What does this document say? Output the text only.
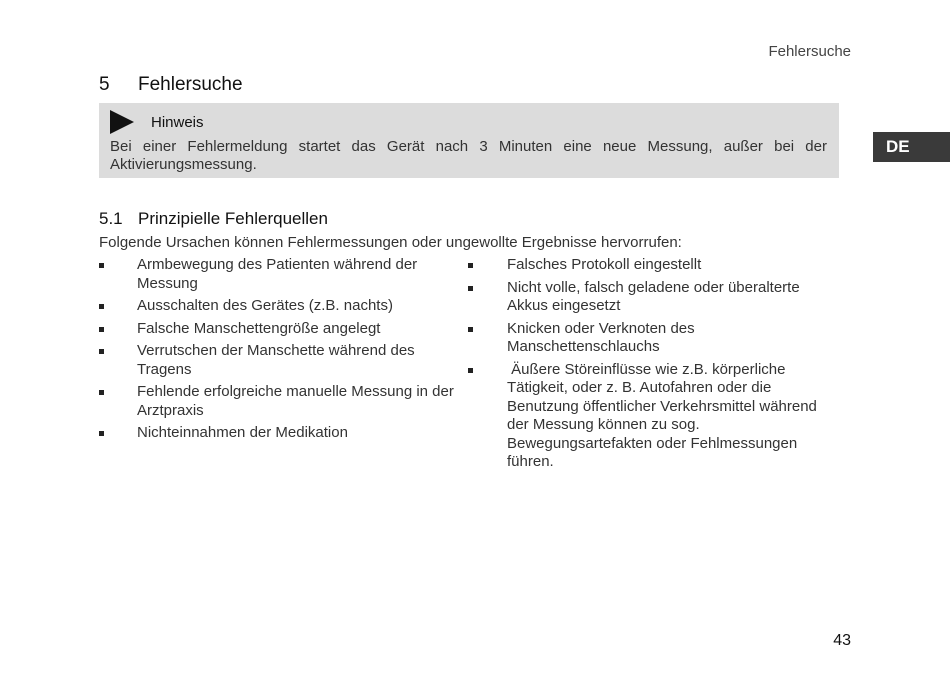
Fehlersuche
5 Fehlersuche
Hinweis
Bei einer Fehlermeldung startet das Gerät nach 3 Minuten eine neue Messung, außer bei der Aktivierungsmessung.
5.1 Prinzipielle Fehlerquellen
Folgende Ursachen können Fehlermessungen oder ungewollte Ergebnisse hervorrufen:
Armbewegung des Patienten während der Messung
Ausschalten des Gerätes (z.B. nachts)
Falsche Manschettengröße angelegt
Verrutschen der Manschette während des Tragens
Fehlende erfolgreiche manuelle Messung in der Arztpraxis
Nichteinnahmen der Medikation
Falsches Protokoll eingestellt
Nicht volle, falsch geladene oder überalterte Akkus eingesetzt
Knicken oder Verknoten des Manschettenschlauchs
Äußere Störeinflüsse wie z.B. körperliche Tätigkeit, oder z. B. Autofahren oder die Benutzung öffentlicher Verkehrsmittel während der Messung können zu sog. Bewegungsartefakten oder Fehlmessungen führen.
DE
43
